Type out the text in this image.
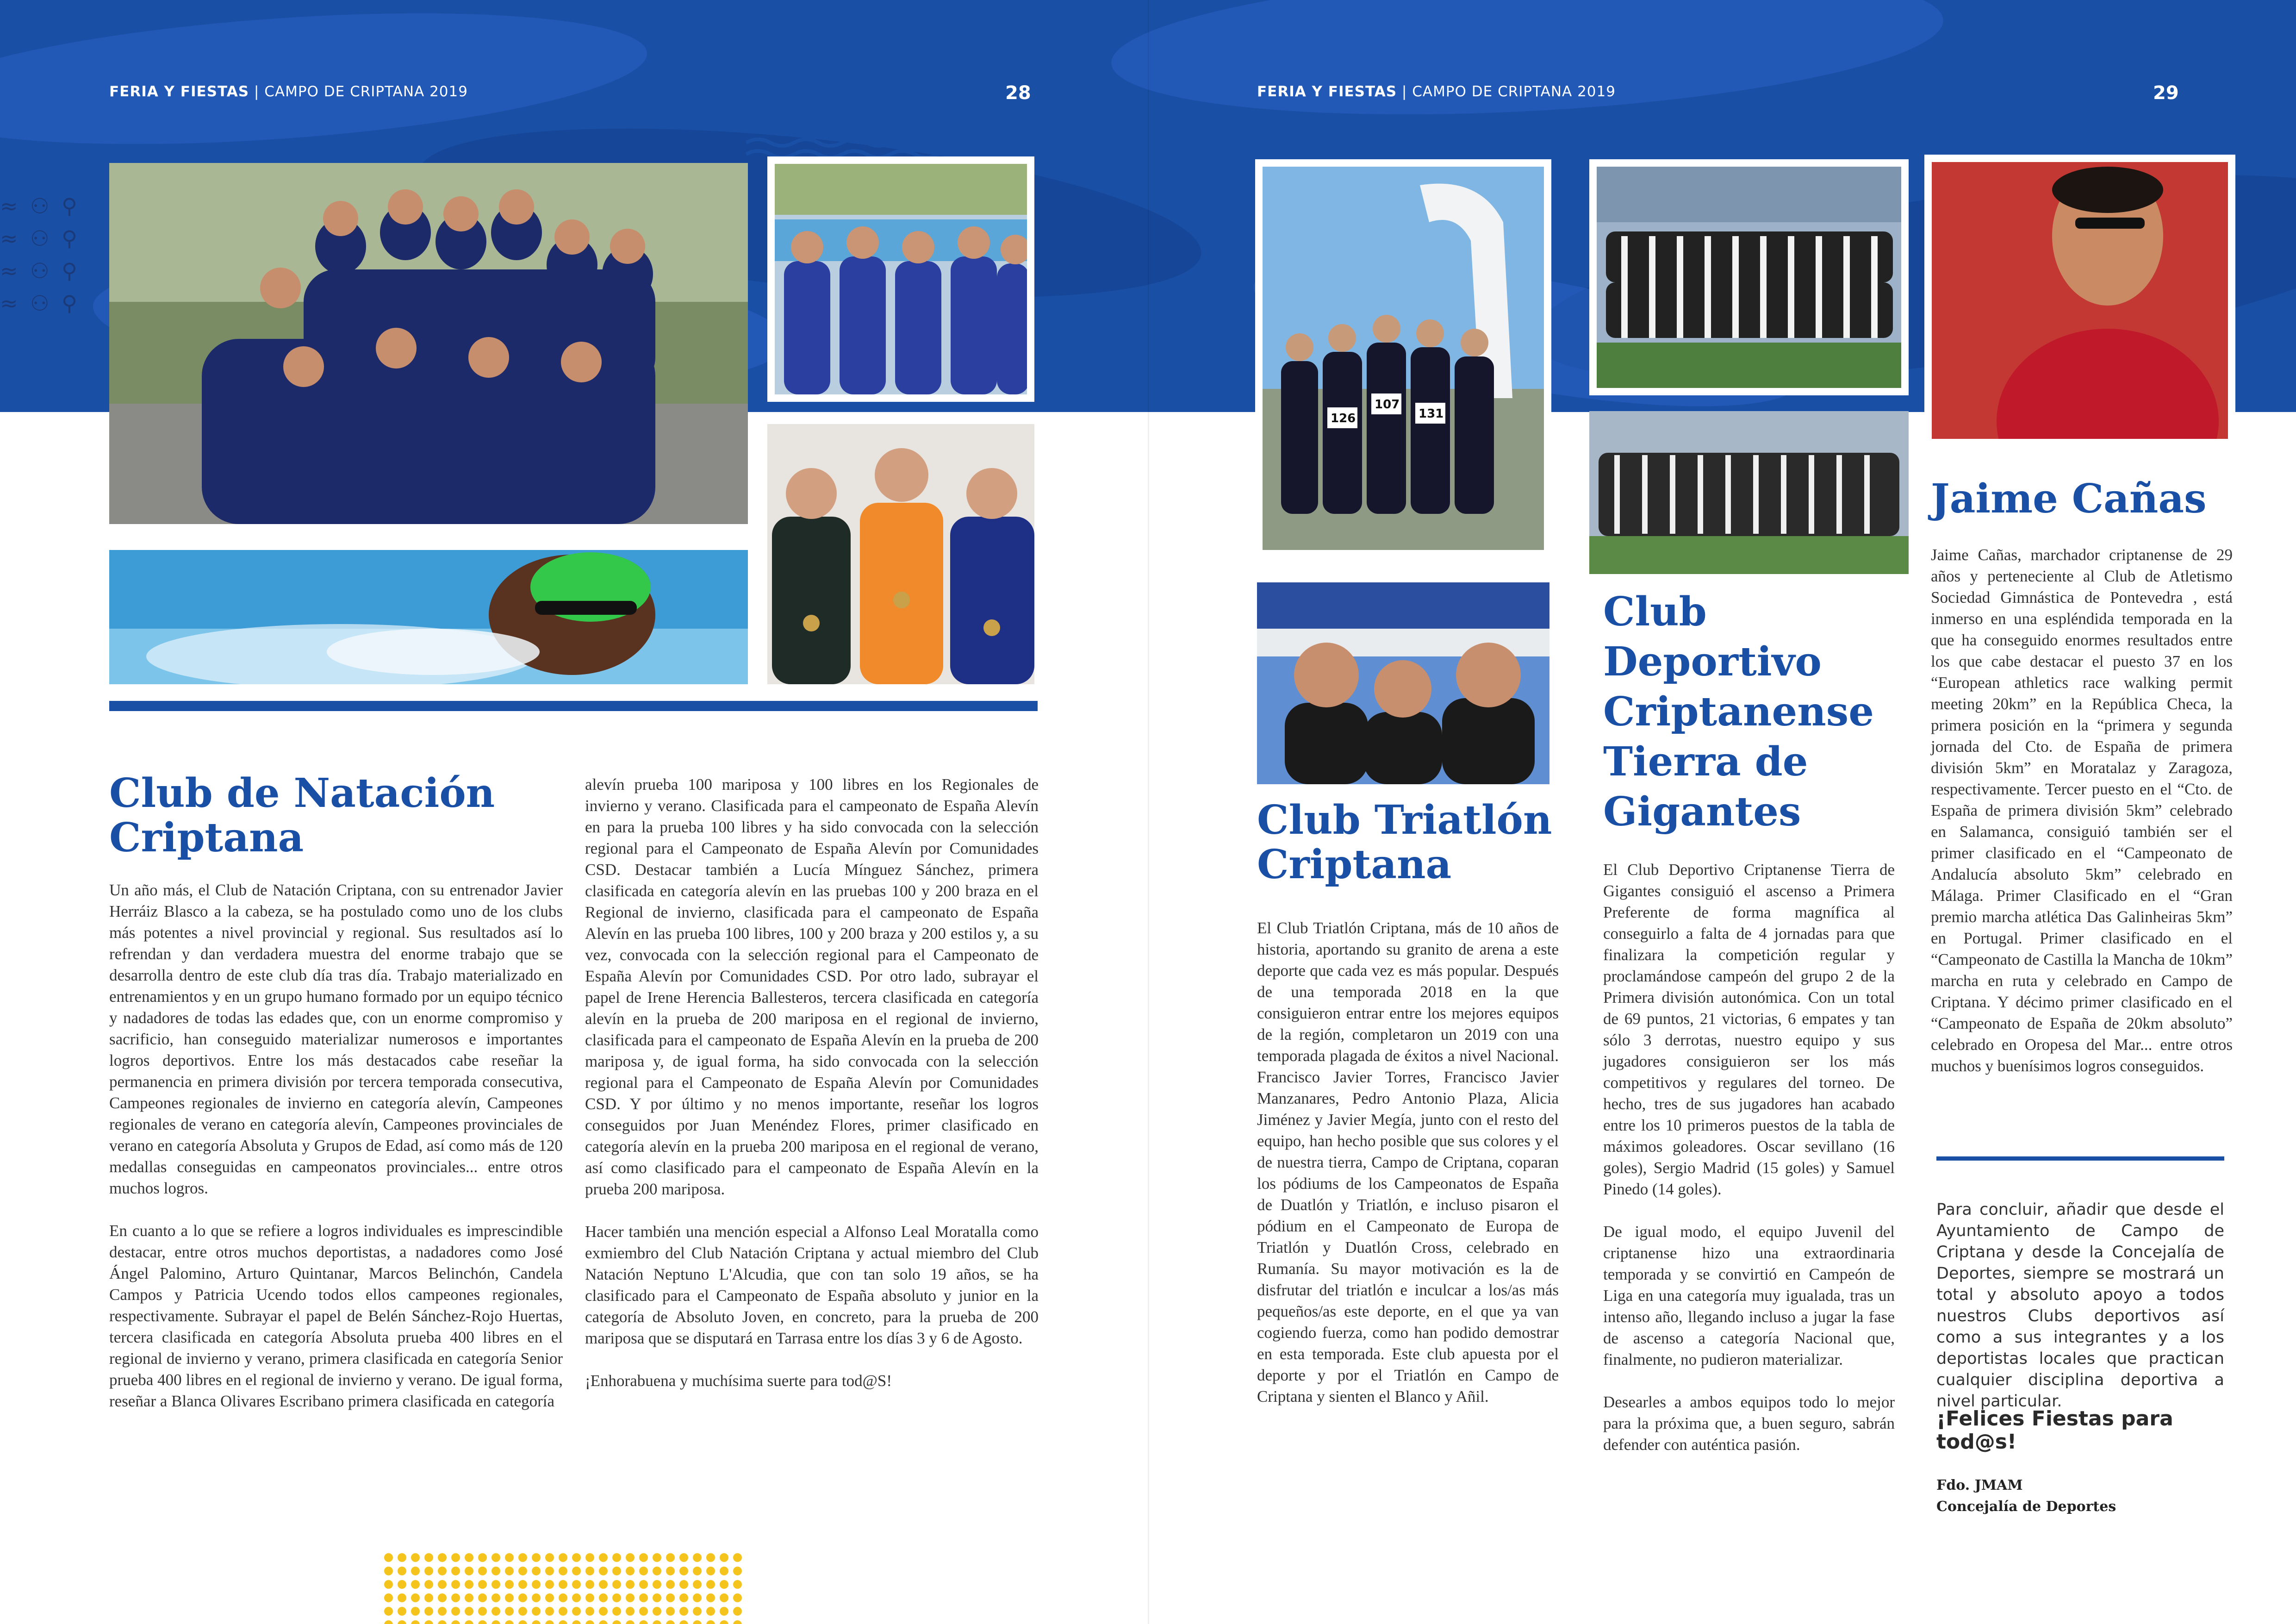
FERIA Y FIESTAS | CAMPO DE CRIPTANA 2019	28	FERIA Y FIESTAS | CAMPO DE CRIPTANA 2019	29
≈ ⚇ ⚲
≈ ⚇ ⚲
≈ ⚇ ⚲
≈ ⚇ ⚲
Club de Natación
Criptana

Un año más, el Club de Natación Criptana, con su entrenador Javier Herráiz Blasco a la cabeza, se ha postulado como uno de los clubs más potentes a nivel provincial y regional. Sus resultados así lo refrendan y dan verdadera muestra del enorme trabajo que se desarrolla dentro de este club día tras día. Trabajo materializado en entrenamientos y en un grupo humano formado por un equipo técnico y nadadores de todas las edades que, con un enorme compromiso y sacrificio, han conseguido materializar numerosos e importantes logros deportivos. Entre los más destacados cabe reseñar la permanencia en primera división por tercera temporada consecutiva, Campeones regionales de invierno en categoría alevín, Campeones regionales de verano en categoría alevín, Campeones provinciales de verano en categoría Absoluta y Grupos de Edad, así como más de 120 medallas conseguidas en campeonatos provinciales... entre otros muchos logros.

En cuanto a lo que se refiere a logros individuales es imprescindible destacar, entre otros muchos deportistas, a nadadores como José Ángel Palomino, Arturo Quintanar, Marcos Belinchón, Candela Campos y Patricia Ucendo todos ellos campeones regionales, respectivamente. Subrayar el papel de Belén Sánchez-Rojo Huertas, tercera clasificada en categoría Absoluta prueba 400 libres en el regional de invierno y verano, primera clasificada en categoría Senior prueba 400 libres en el regional de invierno y verano. De igual forma, reseñar a Blanca Olivares Escribano primera clasificada en categoría

alevín prueba 100 mariposa y 100 libres en los Regionales de invierno y verano. Clasificada para el campeonato de España Alevín en para la prueba 100 libres y ha sido convocada con la selección regional para el Campeonato de España Alevín por Comunidades CSD. Destacar también a Lucía Mínguez Sánchez, primera clasificada en categoría alevín en las pruebas 100 y 200 braza en el Regional de invierno, clasificada para el campeonato de España Alevín en las prueba 100 libres, 100 y 200 braza y 200 estilos y, a su vez, convocada con la selección regional para el Campeonato de España Alevín por Comunidades CSD. Por otro lado, subrayar el papel de Irene Herencia Ballesteros, tercera clasificada en categoría alevín en la prueba de 200 mariposa en el regional de invierno, clasificada para el campeonato de España Alevín en la prueba de 200 mariposa y, de igual forma, ha sido convocada con la selección regional para el Campeonato de España Alevín por Comunidades CSD. Y por último y no menos importante, reseñar los logros conseguidos por Juan Menéndez Flores, primer clasificado en categoría alevín en la prueba 200 mariposa en el regional de verano, así como clasificado para el campeonato de España Alevín en la prueba 200 mariposa.

Hacer también una mención especial a Alfonso Leal Moratalla como exmiembro del Club Natación Criptana y actual miembro del Club Natación Neptuno L'Alcudia, que con tan solo 19 años, se ha clasificado para el Campeonato de España absoluto y junior en la categoría de Absoluto Joven, en concreto, para la prueba de 200 mariposa que se disputará en Tarrasa entre los días 3 y 6 de Agosto.

¡Enhorabuena y muchísima suerte para tod@S!

126
107
131
Club Triatlón
Criptana

El Club Triatlón Criptana, más de 10 años de historia, aportando su granito de arena a este deporte que cada vez es más popular. Después de una temporada 2018 en la que consiguieron entrar entre los mejores equipos de la región, completaron un 2019 con una temporada plagada de éxitos a nivel Nacional. Francisco Javier Torres, Francisco Javier Manzanares, Pedro Antonio Plaza, Alicia Jiménez y Javier Megía, junto con el resto del equipo, han hecho posible que sus colores y el de nuestra tierra, Campo de Criptana, coparan los pódiums de los Campeonatos de España de Duatlón y Triatlón, e incluso pisaron el pódium en el Campeonato de Europa de Triatlón y Duatlón Cross, celebrado en Rumanía. Su mayor motivación es la de disfrutar del triatlón e inculcar a los/as más pequeños/as este deporte, en el que ya van cogiendo fuerza, como han podido demostrar en esta temporada. Este club apuesta por el deporte y por el Triatlón en Campo de Criptana y sienten el Blanco y Añil.

Club
Deportivo
Criptanense
Tierra de
Gigantes

El Club Deportivo Criptanense Tierra de Gigantes consiguió el ascenso a Primera Preferente de forma magnífica al conseguirlo a falta de 4 jornadas para que finalizara la competición regular y proclamándose campeón del grupo 2 de la Primera división autonómica. Con un total de 69 puntos, 21 victorias, 6 empates y tan sólo 3 derrotas, nuestro equipo y sus jugadores consiguieron ser los más competitivos y regulares del torneo. De hecho, tres de sus jugadores han acabado entre los 10 primeros puestos de la tabla de máximos goleadores. Oscar sevillano (16 goles), Sergio Madrid (15 goles) y Samuel Pinedo (14 goles).

De igual modo, el equipo Juvenil del criptanense hizo una extraordinaria temporada y se convirtió en Campeón de Liga en una categoría muy igualada, tras un intenso año, llegando incluso a jugar la fase de ascenso a categoría Nacional que, finalmente, no pudieron materializar.

Desearles a ambos equipos todo lo mejor para la próxima que, a buen seguro, sabrán defender con auténtica pasión.

Jaime Cañas

Jaime Cañas, marchador criptanense de 29 años y perteneciente al Club de Atletismo Sociedad Gimnástica de Pontevedra , está inmerso en una espléndida temporada en la que ha conseguido enormes resultados entre los que cabe destacar el puesto 37 en los “European athletics race walking permit meeting 20km” en la República Checa, la primera posición en la “primera y segunda jornada del Cto. de España de primera división 5km” en Moratalaz y Zaragoza, respectivamente. Tercer puesto en el “Cto. de España de primera división 5km” celebrado en Salamanca, consiguió también ser el primer clasificado en el “Campeonato de Andalucía absoluto 5km” celebrado en Málaga. Primer Clasificado en el “Gran premio marcha atlética Das Galinheiras 5km” en Portugal. Primer clasificado en el “Campeonato de Castilla la Mancha de 10km” marcha en ruta y celebrado en Campo de Criptana. Y décimo primer clasificado en el “Campeonato de España de 20km absoluto” celebrado en Oropesa del Mar... entre otros muchos y buenísimos logros conseguidos.

Para concluir, añadir que desde el Ayuntamiento de Campo de Criptana y desde la Concejalía de Deportes, siempre se mostrará un total y absoluto apoyo a todos nuestros Clubs deportivos así como a sus integrantes y a los deportistas locales que practican cualquier disciplina deportiva a nivel particular.
¡Felices Fiestas para tod@s!
Fdo. JMAM
Concejalía de Deportes
